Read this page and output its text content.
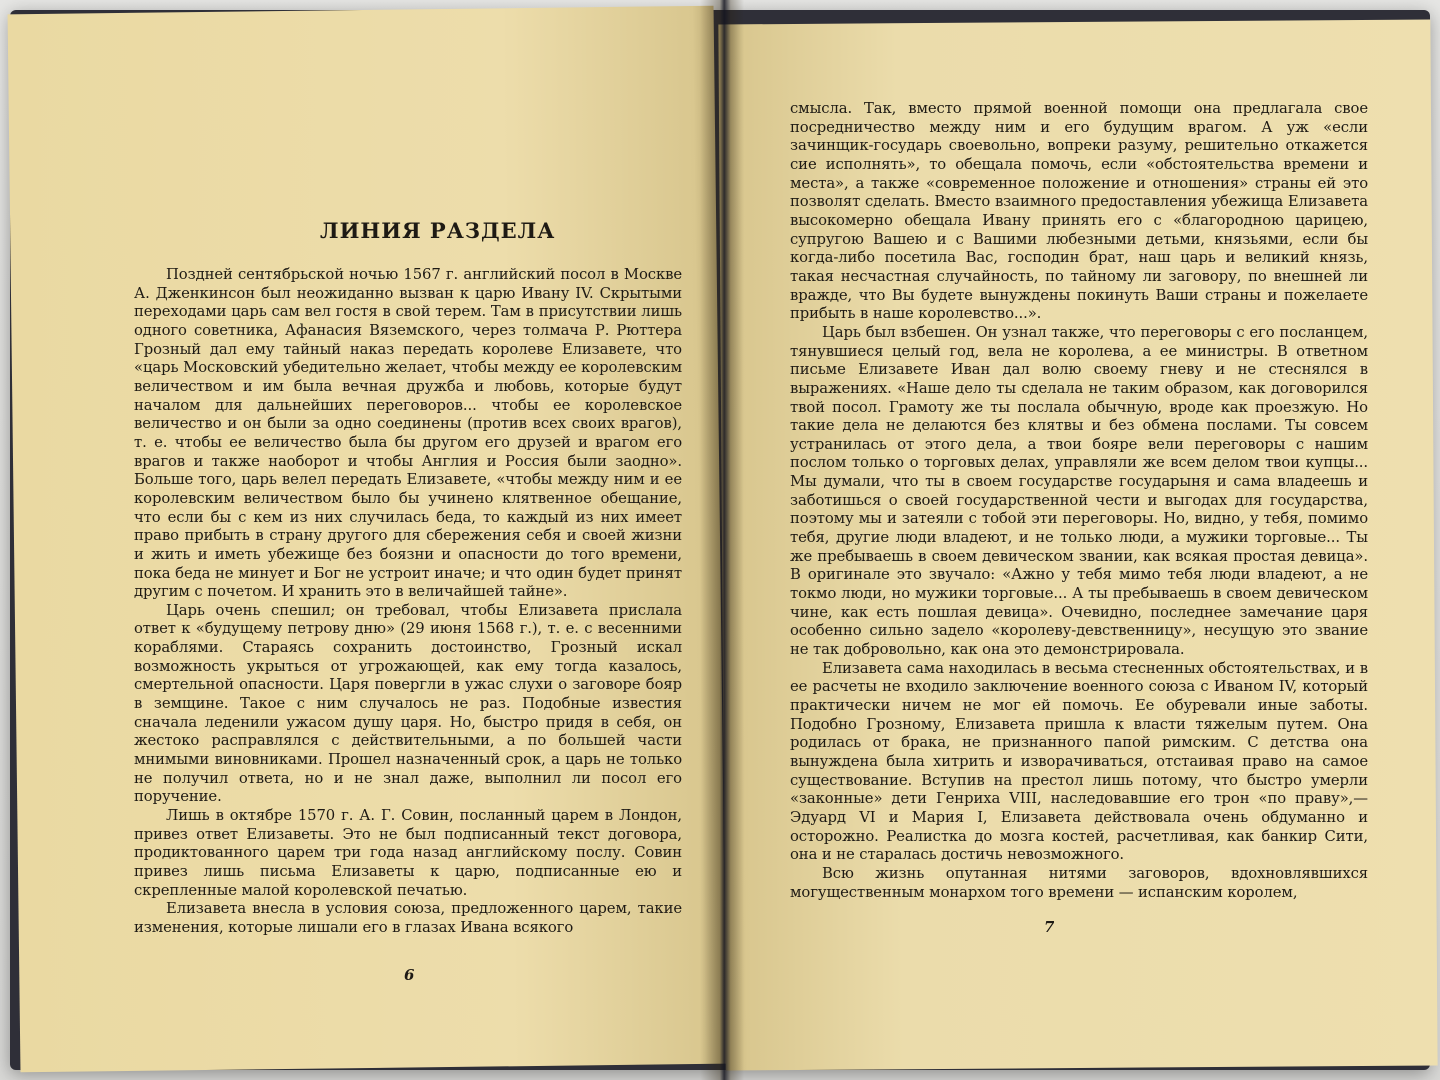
ЛИНИЯ РАЗДЕЛА

Поздней сентябрьской ночью 1567 г. английский посол в Москве А. Дженкинсон был неожиданно вызван к царю Ивану IV. Скрытыми переходами царь сам вел гостя в свой терем. Там в присутствии лишь одного советника, Афанасия Вяземского, через толмача Р. Рюттера Грозный дал ему тайный наказ передать королеве Елизавете, что «царь Московский убедительно желает, чтобы между ее королевским величеством и им была вечная дружба и любовь, которые будут началом для дальнейших переговоров... чтобы ее королевское величество и он были за одно соединены (против всех своих врагов), т. е. чтобы ее величество была бы другом его друзей и врагом его врагов и также наоборот и чтобы Англия и Россия были заодно». Больше того, царь велел передать Елизавете, «чтобы между ним и ее королевским величеством было бы учинено клятвенное обещание, что если бы с кем из них случилась беда, то каждый из них имеет право прибыть в страну другого для сбережения себя и своей жизни и жить и иметь убежище без боязни и опасности до того времени, пока беда не минует и Бог не устроит иначе; и что один будет принят другим с почетом. И хранить это в величайшей тайне».

Царь очень спешил; он требовал, чтобы Елизавета прислала ответ к «будущему петрову дню» (29 июня 1568 г.), т. е. с весенними кораблями. Стараясь сохранить достоинство, Грозный искал возможность укрыться от угрожающей, как ему тогда казалось, смертельной опасности. Царя повергли в ужас слухи о заговоре бояр в земщине. Такое с ним случалось не раз. Подобные известия сначала леденили ужасом душу царя. Но, быстро придя в себя, он жестоко расправлялся с действительными, а по большей части мнимыми виновниками. Прошел назначенный срок, а царь не только не получил ответа, но и не знал даже, выполнил ли посол его поручение.

Лишь в октябре 1570 г. А. Г. Совин, посланный царем в Лондон, привез ответ Елизаветы. Это не был подписанный текст договора, продиктованного царем три года назад английскому послу. Совин привез лишь письма Елизаветы к царю, подписанные ею и скрепленные малой королевской печатью.

Елизавета внесла в условия союза, предложенного царем, такие изменения, которые лишали его в глазах Ивана всякого

смысла. Так, вместо прямой военной помощи она предлагала свое посредничество между ним и его будущим врагом. А уж «если зачинщик-государь своевольно, вопреки разуму, решительно откажется сие исполнять», то обещала помочь, если «обстоятельства времени и места», а также «современное положение и отношения» страны ей это позволят сделать. Вместо взаимного предоставления убежища Елизавета высокомерно обещала Ивану принять его с «благородною царицею, супругою Вашею и с Вашими любезными детьми, князьями, если бы когда-либо посетила Вас, господин брат, наш царь и великий князь, такая несчастная случайность, по тайному ли заговору, по внешней ли вражде, что Вы будете вынуждены покинуть Ваши страны и пожелаете прибыть в наше королевство...».

Царь был взбешен. Он узнал также, что переговоры с его посланцем, тянувшиеся целый год, вела не королева, а ее министры. В ответном письме Елизавете Иван дал волю своему гневу и не стеснялся в выражениях. «Наше дело ты сделала не таким образом, как договорился твой посол. Грамоту же ты послала обычную, вроде как проезжую. Но такие дела не делаются без клятвы и без обмена послами. Ты совсем устранилась от этого дела, а твои бояре вели переговоры с нашим послом только о торговых делах, управляли же всем делом твои купцы... Мы думали, что ты в своем государстве государыня и сама владеешь и заботишься о своей государственной чести и выгодах для государства, поэтому мы и затеяли с тобой эти переговоры. Но, видно, у тебя, помимо тебя, другие люди владеют, и не только люди, а мужики торговые... Ты же пребываешь в своем девическом звании, как всякая простая девица». В оригинале это звучало: «Ажно у тебя мимо тебя люди владеют, а не токмо люди, но мужики торговые... А ты пребываешь в своем девическом чине, как есть пошлая девица». Очевидно, последнее замечание царя особенно сильно задело «королеву-девственницу», несущую это звание не так добровольно, как она это демонстрировала.

Елизавета сама находилась в весьма стесненных обстоятельствах, и в ее расчеты не входило заключение военного союза с Иваном IV, который практически ничем не мог ей помочь. Ее обуревали иные заботы. Подобно Грозному, Елизавета пришла к власти тяжелым путем. Она родилась от брака, не признанного папой римским. С детства она вынуждена была хитрить и изворачиваться, отстаивая право на самое существование. Вступив на престол лишь потому, что быстро умерли «законные» дети Генриха VIII, наследовавшие его трон «по праву»,— Эдуард VI и Мария I, Елизавета действовала очень обдуманно и осторожно. Реалистка до мозга костей, расчетливая, как банкир Сити, она и не старалась достичь невозможного.

Всю жизнь опутанная нитями заговоров, вдохновлявшихся могущественным монархом того времени — испанским королем,

6
7
